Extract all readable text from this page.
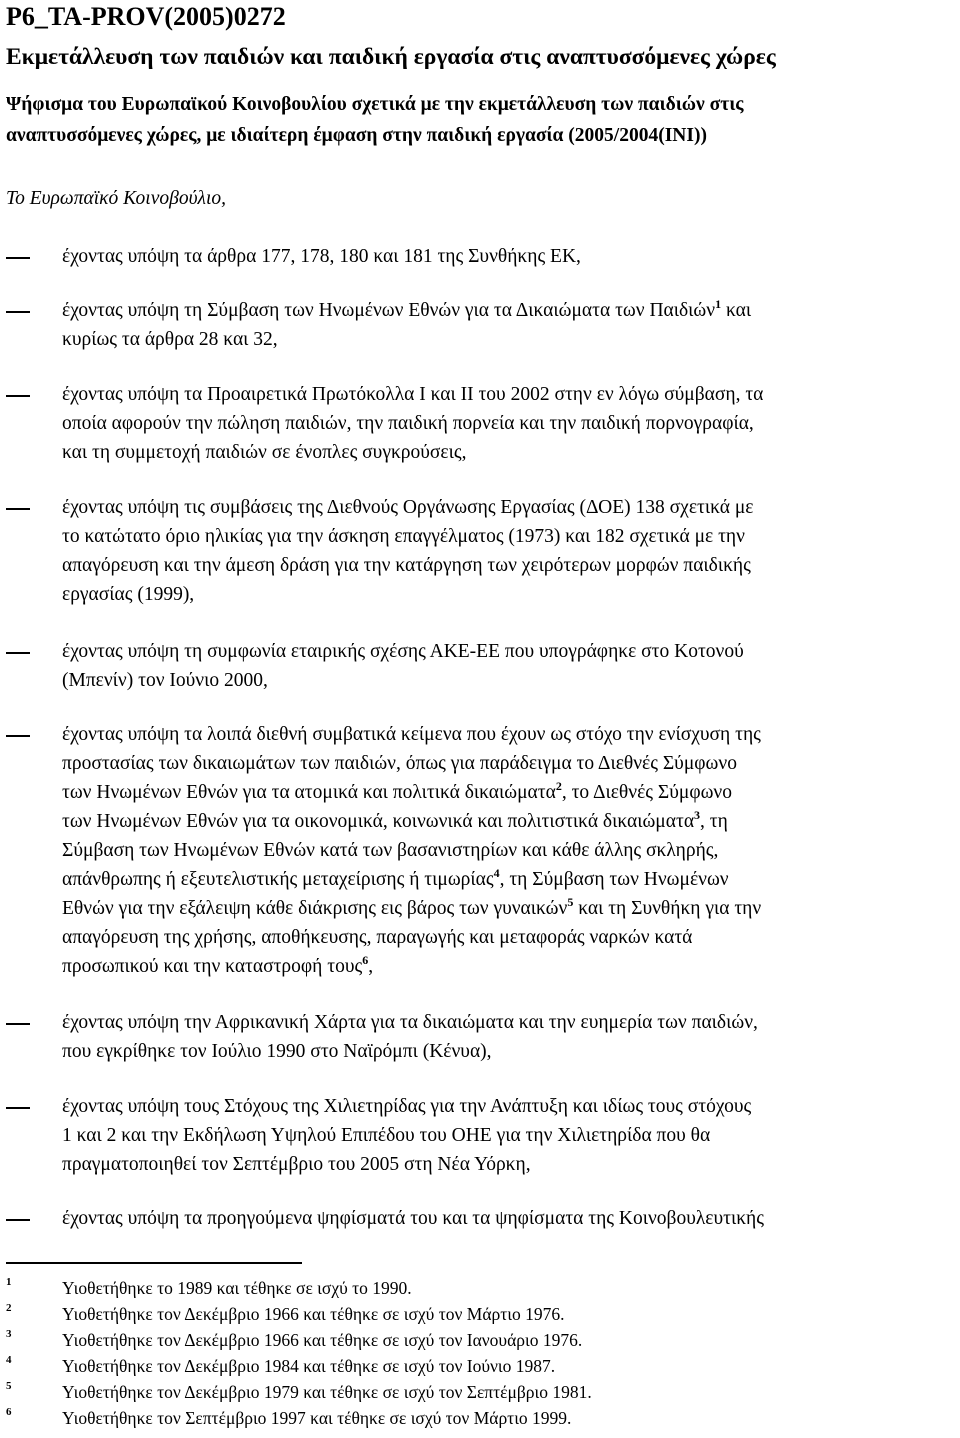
P6_TA-PROV(2005)0272
Εκμετάλλευση των παιδιών και παιδική εργασία στις αναπτυσσόμενες χώρες
Ψήφισμα του Ευρωπαϊκού Κοινοβουλίου σχετικά με την εκμετάλλευση των παιδιών στις
αναπτυσσόμενες χώρες, με ιδιαίτερη έμφαση στην παιδική εργασία (2005/2004(INI))
Το Ευρωπαϊκό Κοινοβούλιο,
έχοντας υπόψη τα άρθρα 177, 178, 180 και 181 της Συνθήκης ΕΚ,
έχοντας υπόψη τη Σύμβαση των Ηνωμένων Εθνών για τα Δικαιώματα των Παιδιών$^1$ και
κυρίως τα άρθρα 28 και 32,
έχοντας υπόψη τα Προαιρετικά Πρωτόκολλα Ι και ΙΙ του 2002 στην εν λόγω σύμβαση, τα
οποία αφορούν την πώληση παιδιών, την παιδική πορνεία και την παιδική πορνογραφία,
και τη συμμετοχή παιδιών σε ένοπλες συγκρούσεις,
έχοντας υπόψη τις συμβάσεις της Διεθνούς Οργάνωσης Εργασίας (ΔΟΕ) 138 σχετικά με
το κατώτατο όριο ηλικίας για την άσκηση επαγγέλματος (1973) και 182 σχετικά με την
απαγόρευση και την άμεση δράση για την κατάργηση των χειρότερων μορφών παιδικής
εργασίας (1999),
έχοντας υπόψη τη συμφωνία εταιρικής σχέσης ΑΚΕ-ΕΕ που υπογράφηκε στο Κοτονού
(Μπενίν) τον Ιούνιο 2000,
έχοντας υπόψη τα λοιπά διεθνή συμβατικά κείμενα που έχουν ως στόχο την ενίσχυση της
προστασίας των δικαιωμάτων των παιδιών, όπως για παράδειγμα το Διεθνές Σύμφωνο
των Ηνωμένων Εθνών για τα ατομικά και πολιτικά δικαιώματα$^2$, το Διεθνές Σύμφωνο
των Ηνωμένων Εθνών για τα οικονομικά, κοινωνικά και πολιτιστικά δικαιώματα$^3$, τη
Σύμβαση των Ηνωμένων Εθνών κατά των βασανιστηρίων και κάθε άλλης σκληρής,
απάνθρωπης ή εξευτελιστικής μεταχείρισης ή τιμωρίας$^4$, τη Σύμβαση των Ηνωμένων
Εθνών για την εξάλειψη κάθε διάκρισης εις βάρος των γυναικών$^5$ και τη Συνθήκη για την
απαγόρευση της χρήσης, αποθήκευσης, παραγωγής και μεταφοράς ναρκών κατά
προσωπικού και την καταστροφή τους$^6$,
έχοντας υπόψη την Αφρικανική Χάρτα για τα δικαιώματα και την ευημερία των παιδιών,
που εγκρίθηκε τον Ιούλιο 1990 στο Ναϊρόμπι (Κένυα),
έχοντας υπόψη τους Στόχους της Χιλιετηρίδας για την Ανάπτυξη και ιδίως τους στόχους
1 και 2 και την Εκδήλωση Υψηλού Επιπέδου του ΟΗΕ για την Χιλιετηρίδα που θα
πραγματοποιηθεί τον Σεπτέμβριο του 2005 στη Νέα Υόρκη,
έχοντας υπόψη τα προηγούμενα ψηφίσματά του και τα ψηφίσματα της Κοινοβουλευτικής
1	Υιοθετήθηκε το 1989 και τέθηκε σε ισχύ το 1990.
2	Υιοθετήθηκε τον Δεκέμβριο 1966 και τέθηκε σε ισχύ τον Μάρτιο 1976.
3	Υιοθετήθηκε τον Δεκέμβριο 1966 και τέθηκε σε ισχύ τον Ιανουάριο 1976.
4	Υιοθετήθηκε τον Δεκέμβριο 1984 και τέθηκε σε ισχύ τον Ιούνιο 1987.
5	Υιοθετήθηκε τον Δεκέμβριο 1979 και τέθηκε σε ισχύ τον Σεπτέμβριο 1981.
6	Υιοθετήθηκε τον Σεπτέμβριο 1997 και τέθηκε σε ισχύ τον Μάρτιο 1999.
